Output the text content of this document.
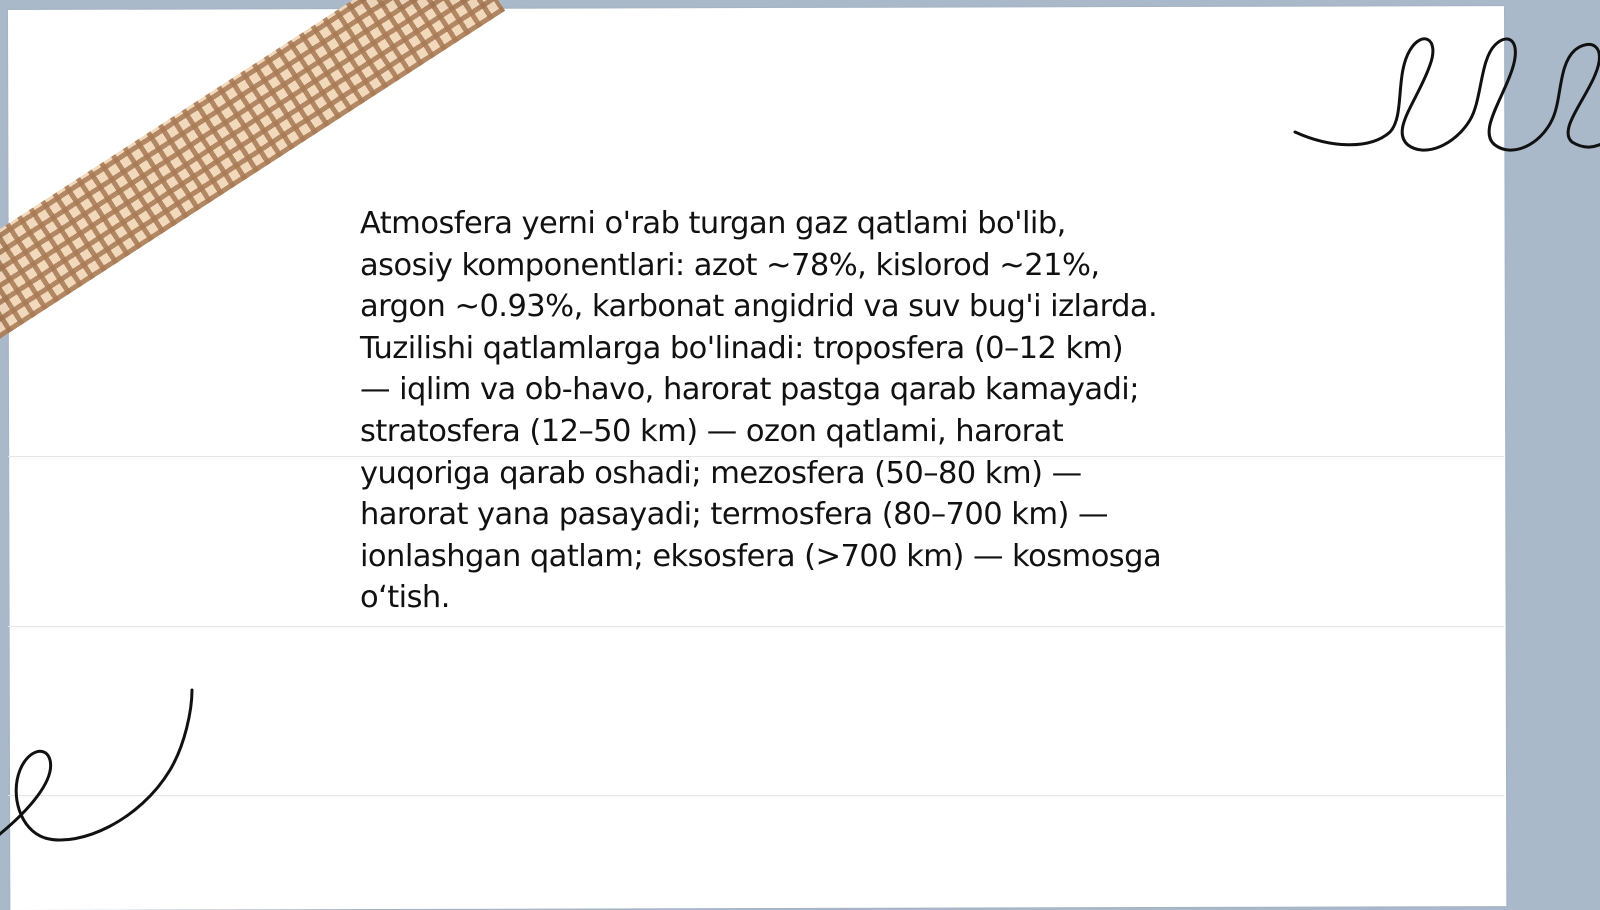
Atmosfera yerni o'rab turgan gaz qatlami bo'lib,
asosiy komponentlari: azot ~78%, kislorod ~21%,
argon ~0.93%, karbonat angidrid va suv bug'i izlarda.
Tuzilishi qatlamlarga bo'linadi: troposfera (0–12 km)
— iqlim va ob-havo, harorat pastga qarab kamayadi;
stratosfera (12–50 km) — ozon qatlami, harorat
yuqoriga qarab oshadi; mezosfera (50–80 km) —
harorat yana pasayadi; termosfera (80–700 km) —
ionlashgan qatlam; eksosfera (>700 km) — kosmosga
o‘tish.
